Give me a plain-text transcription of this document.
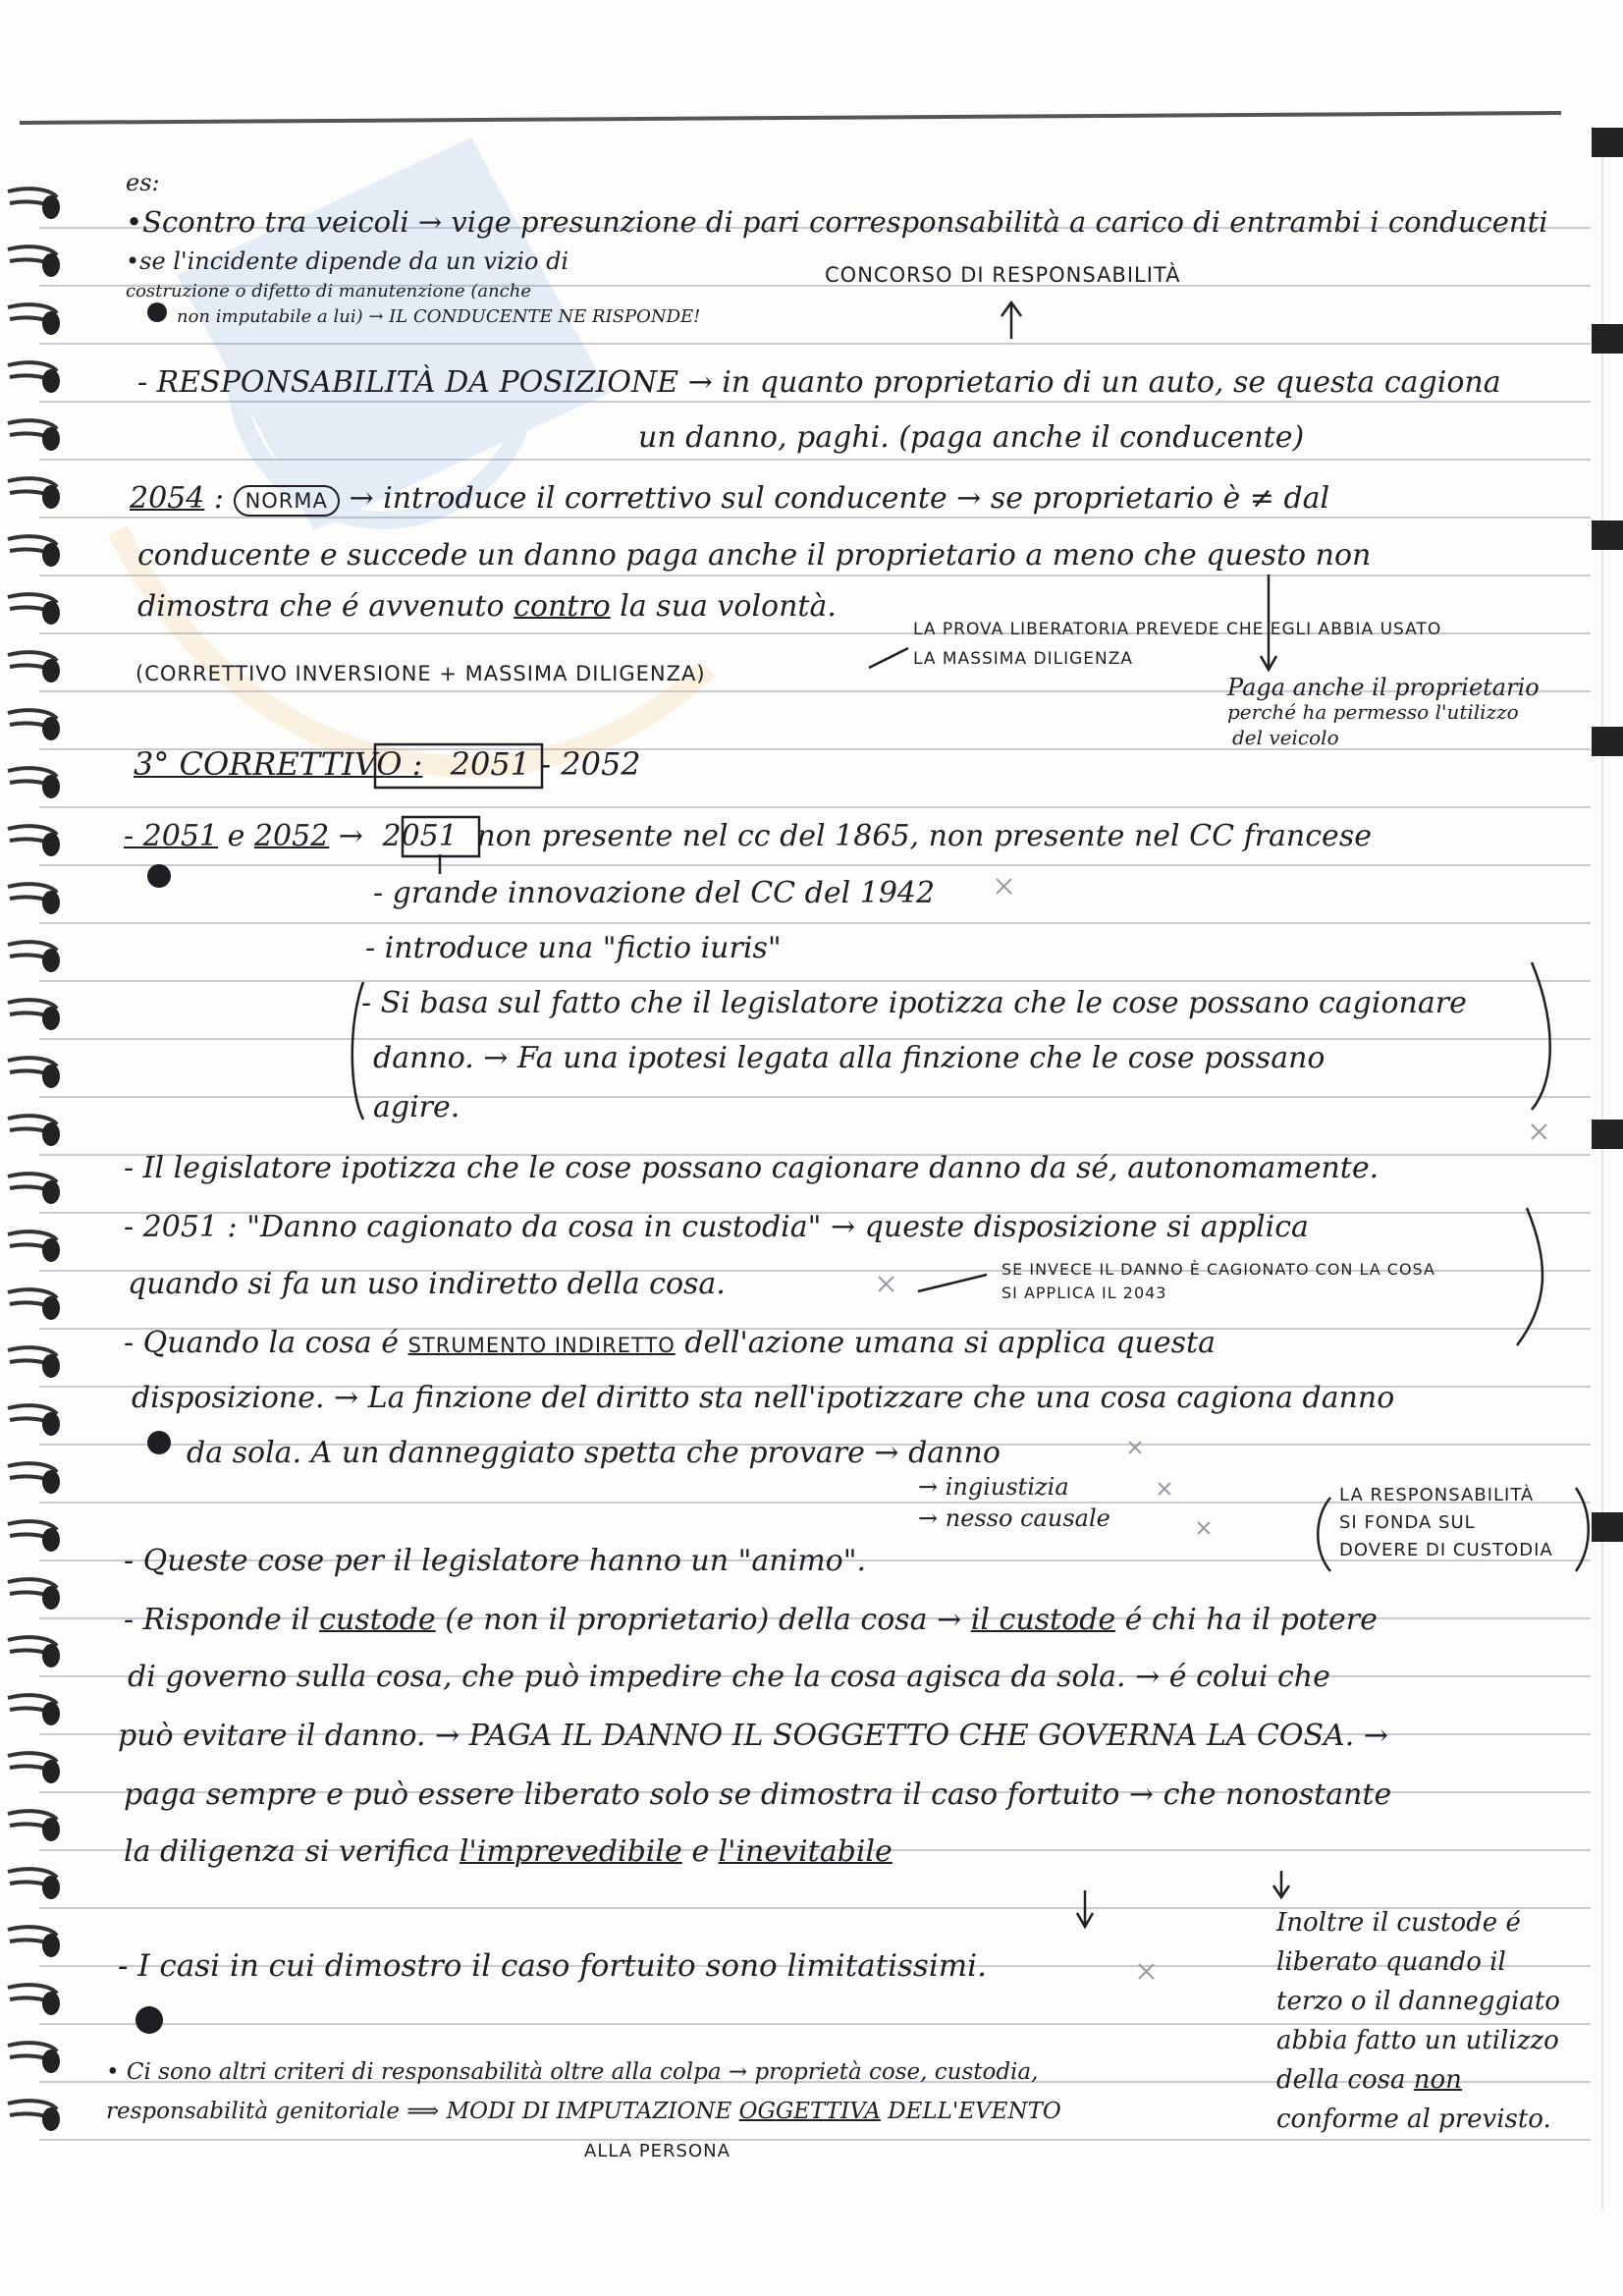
es:
•Scontro tra veicoli → vige presunzione di pari corresponsabilità a carico di entrambi i conducenti
•se l'incidente dipende da un vizio di
costruzione o difetto di manutenzione (anche
non imputabile a lui) → IL CONDUCENTE NE RISPONDE!
CONCORSO DI RESPONSABILITÀ
- RESPONSABILITÀ DA POSIZIONE → in quanto proprietario di un auto, se questa cagiona
un danno, paghi. (paga anche il conducente)
2054 : NORMA → introduce il correttivo sul conducente → se proprietario è ≠ dal
conducente e succede un danno paga anche il proprietario a meno che questo non
dimostra che é avvenuto contro la sua volontà.
(CORRETTIVO INVERSIONE + MASSIMA DILIGENZA)
LA PROVA LIBERATORIA PREVEDE CHE EGLI ABBIA USATO
LA MASSIMA DILIGENZA
Paga anche il proprietario
perché ha permesso l'utilizzo
del veicolo
3° CORRETTIVO : 2051 - 2052
- 2051 e 2052 → 2051 non presente nel cc del 1865, non presente nel CC francese
- grande innovazione del CC del 1942
- introduce una "fictio iuris"
- Si basa sul fatto che il legislatore ipotizza che le cose possano cagionare
danno. → Fa una ipotesi legata alla finzione che le cose possano
agire.
- Il legislatore ipotizza che le cose possano cagionare danno da sé, autonomamente.
- 2051 : "Danno cagionato da cosa in custodia" → queste disposizione si applica
quando si fa un uso indiretto della cosa.	SE INVECE IL DANNO È CAGIONATO CON LA COSA
SI APPLICA IL 2043
- Quando la cosa é STRUMENTO INDIRETTO dell'azione umana si applica questa
disposizione. → La finzione del diritto sta nell'ipotizzare che una cosa cagiona danno
da sola. A un danneggiato spetta che provare → danno
→ ingiustizia
→ nesso causale
LA RESPONSABILITÀ
SI FONDA SUL
DOVERE DI CUSTODIA
- Queste cose per il legislatore hanno un "animo".
- Risponde il custode (e non il proprietario) della cosa → il custode é chi ha il potere
di governo sulla cosa, che può impedire che la cosa agisca da sola. → é colui che
può evitare il danno. → PAGA IL DANNO IL SOGGETTO CHE GOVERNA LA COSA. →
paga sempre e può essere liberato solo se dimostra il caso fortuito → che nonostante
la diligenza si verifica l'imprevedibile e l'inevitabile
Inoltre il custode é
liberato quando il
terzo o il danneggiato
abbia fatto un utilizzo
della cosa non
conforme al previsto.
- I casi in cui dimostro il caso fortuito sono limitatissimi.
• Ci sono altri criteri di responsabilità oltre alla colpa → proprietà cose, custodia,
responsabilità genitoriale ⟹ MODI DI IMPUTAZIONE OGGETTIVA DELL'EVENTO
ALLA PERSONA
